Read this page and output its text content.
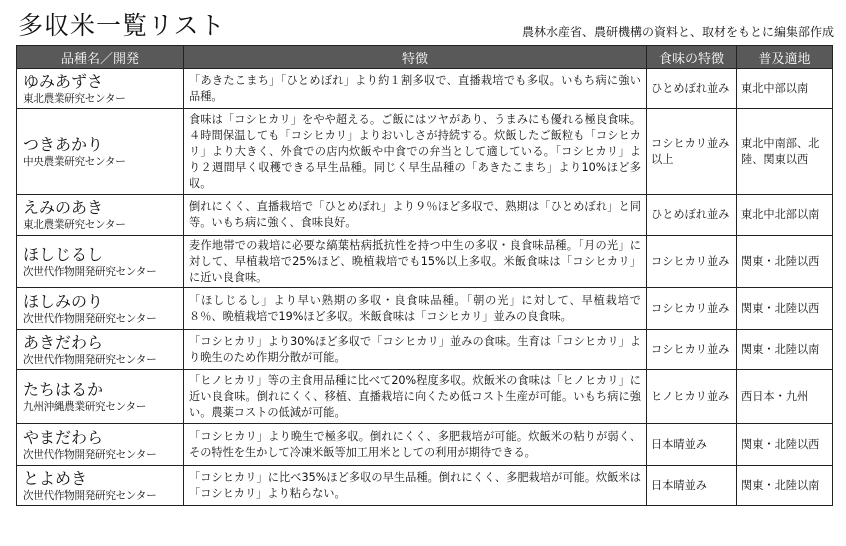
多収米一覧リスト	農林水産省、農研機構の資料と、取材をもとに編集部作成
品種名／開発	特徴	食味の特徴	普及適地

ゆみあずさ
東北農業研究センター	「あきたこまち」「ひとめぼれ」より約１割多収で、直播栽培でも多収。いもち病に強い品種。	ひとめぼれ並み	東北中部以南

つきあかり
中央農業研究センター	食味は「コシヒカリ」をやや超える。ご飯にはツヤがあり、うまみにも優れる極良食味。４時間保温しても「コシヒカリ」よりおいしさが持続する。炊飯したご飯粒も「コシヒカリ」より大きく、外食での店内炊飯や中食での弁当として適している。「コシヒカリ」より２週間早く収穫できる早生品種。同じく早生品種の「あきたこまち」より10%ほど多収。	コシヒカリ並み以上	東北中南部、北陸、関東以西

えみのあき
東北農業研究センター	倒れにくく、直播栽培で「ひとめぼれ」より９％ほど多収で、熟期は「ひとめぼれ」と同等。いもち病に強く、食味良好。	ひとめぼれ並み	東北中北部以南

ほしじるし
次世代作物開発研究センター	麦作地帯での栽培に必要な縞葉枯病抵抗性を持つ中生の多収・良食味品種。「月の光」に対して、早植栽培で25%ほど、晩植栽培でも15%以上多収。米飯食味は「コシヒカリ」に近い良食味。	コシヒカリ並み	関東・北陸以西

ほしみのり
次世代作物開発研究センター	「ほしじるし」より早い熟期の多収・良食味品種。「朝の光」に対して、早植栽培で８％、晩植栽培で19%ほど多収。米飯食味は「コシヒカリ」並みの良食味。	コシヒカリ並み	関東・北陸以西

あきだわら
次世代作物開発研究センター	「コシヒカリ」より30%ほど多収で「コシヒカリ」並みの食味。生育は「コシヒカリ」より晩生のため作期分散が可能。	コシヒカリ並み	関東・北陸以南

たちはるか
九州沖縄農業研究センター	「ヒノヒカリ」等の主食用品種に比べて20%程度多収。炊飯米の食味は「ヒノヒカリ」に近い良食味。倒れにくく、移植、直播栽培に向くため低コスト生産が可能。いもち病に強い。農薬コストの低減が可能。	ヒノヒカリ並み	西日本・九州

やまだわら
次世代作物開発研究センター	「コシヒカリ」より晩生で極多収。倒れにくく、多肥栽培が可能。炊飯米の粘りが弱く、その特性を生かして冷凍米飯等加工用米としての利用が期待できる。	日本晴並み	関東・北陸以西

とよめき
次世代作物開発研究センター	「コシヒカリ」に比べ35%ほど多収の早生品種。倒れにくく、多肥栽培が可能。炊飯米は「コシヒカリ」より粘らない。	日本晴並み	関東・北陸以南
